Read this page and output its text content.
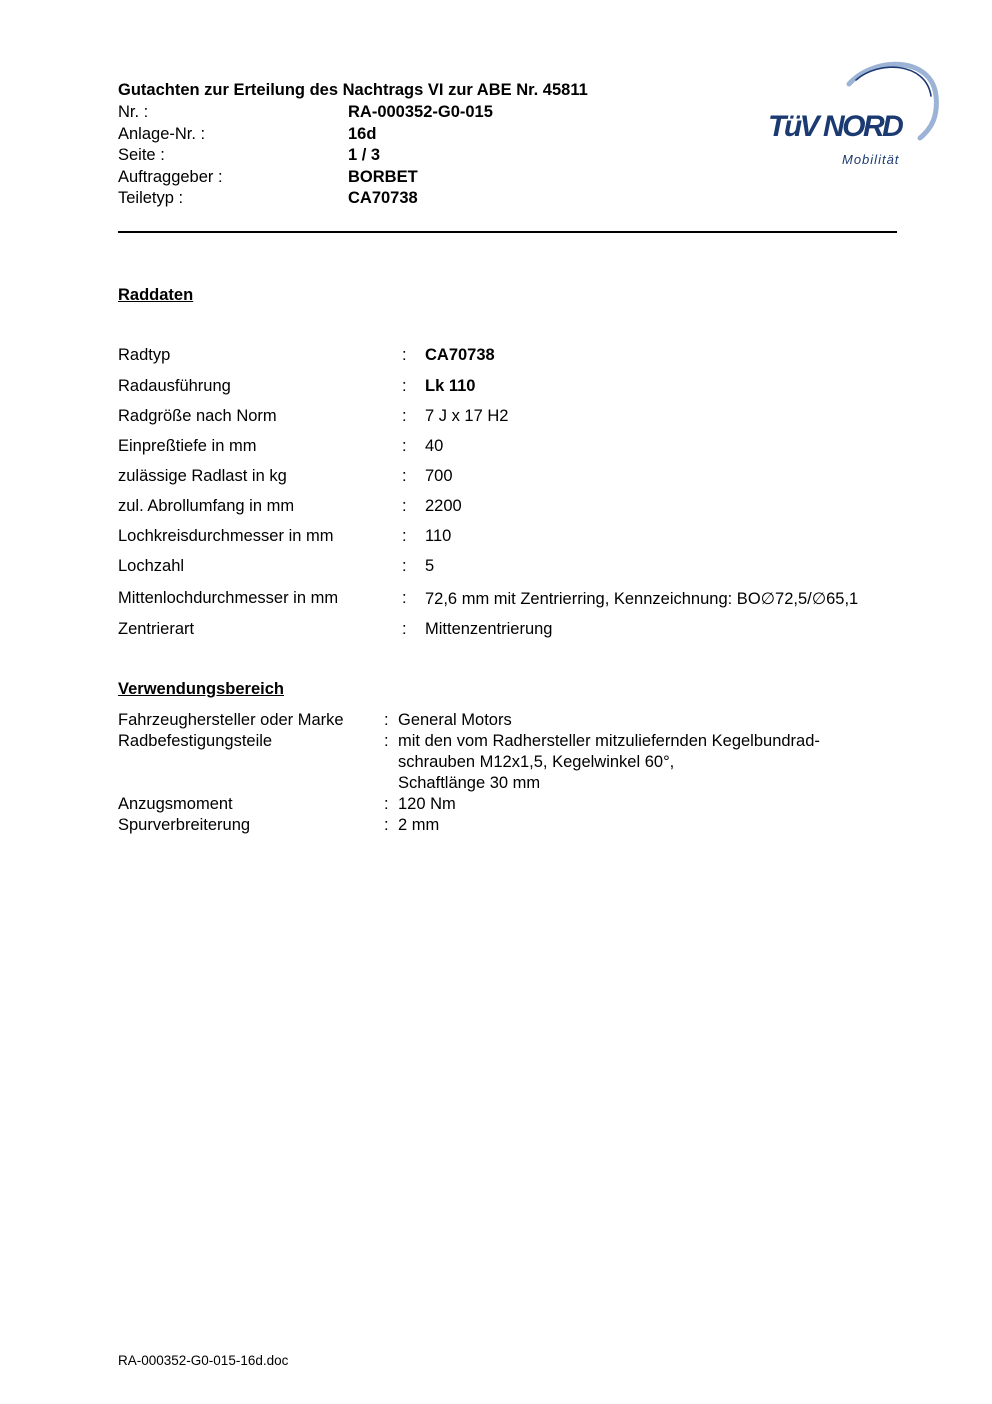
Gutachten zur Erteilung des Nachtrags VI zur ABE Nr. 45811
Nr. :	RA-000352-G0-015
Anlage-Nr. :	16d
Seite :	1 / 3
Auftraggeber :	BORBET
Teiletyp :	CA70738
TüV NORD
Mobilität
Raddaten
Radtyp	: CA70738
Radausführung	: Lk 110
Radgröße nach Norm	: 7 J x 17 H2
Einpreßtiefe in mm	: 40
zulässige Radlast in kg	: 700
zul. Abrollumfang in mm	: 2200
Lochkreisdurchmesser in mm	: 110
Lochzahl	: 5
Mittenlochdurchmesser in mm	: 72,6 mm mit Zentrierring, Kennzeichnung: BO∅72,5/∅65,1
Zentrierart	: Mittenzentrierung
Verwendungsbereich
Fahrzeughersteller oder Marke : General Motors
Radbefestigungsteile	: mit den vom Radhersteller mitzuliefernden Kegelbundrad-
schrauben M12x1,5, Kegelwinkel 60°,
Schaftlänge 30 mm
Anzugsmoment	: 120 Nm
Spurverbreiterung	: 2 mm
RA-000352-G0-015-16d.doc
